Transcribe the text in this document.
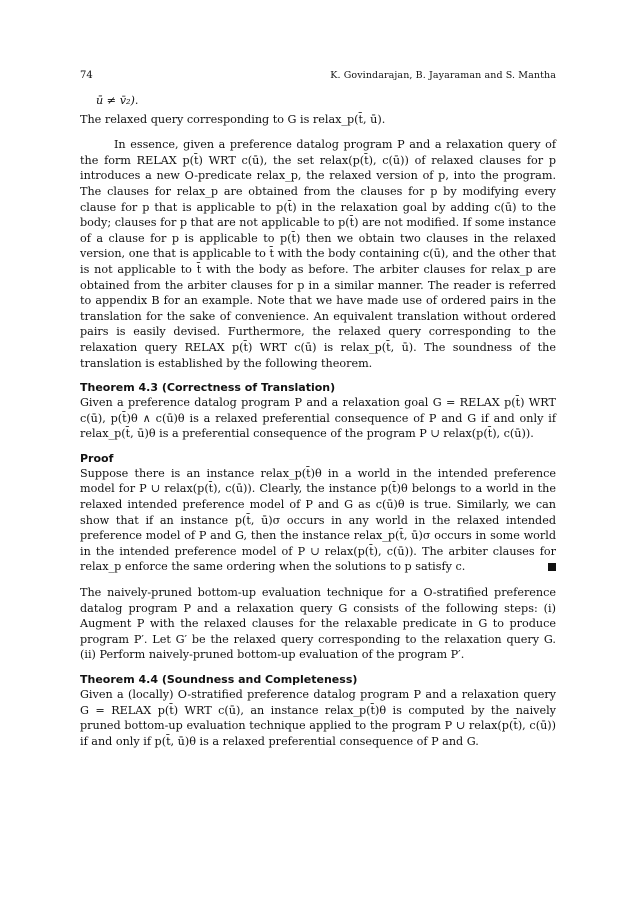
74	K. Govindarajan, B. Jayaraman and S. Mantha

ū ≠ v̄₂).

The relaxed query corresponding to G is relax_p(t̄, ū).

In essence, given a preference datalog program P and a relaxation query of the form RELAX p(t̄) WRT c(ū), the set relax(p(t̄), c(ū)) of relaxed clauses for p introduces a new O-predicate relax_p, the relaxed version of p, into the program. The clauses for relax_p are obtained from the clauses for p by modifying every clause for p that is applicable to p(t̄) in the relaxation goal by adding c(ū) to the body; clauses for p that are not applicable to p(t̄) are not modified. If some instance of a clause for p is applicable to p(t̄) then we obtain two clauses in the relaxed version, one that is applicable to t̄ with the body containing c(ū), and the other that is not applicable to t̄ with the body as before. The arbiter clauses for relax_p are obtained from the arbiter clauses for p in a similar manner. The reader is referred to appendix B for an example. Note that we have made use of ordered pairs in the translation for the sake of convenience. An equivalent translation without ordered pairs is easily devised. Furthermore, the relaxed query corresponding to the relaxation query RELAX p(t̄) WRT c(ū) is relax_p(t̄, ū). The soundness of the translation is established by the following theorem.

Theorem 4.3 (Correctness of Translation)

Given a preference datalog program P and a relaxation goal G = RELAX p(t̄) WRT c(ū), p(t̄)θ ∧ c(ū)θ is a relaxed preferential consequence of P and G if and only if relax_p(t̄, ū)θ is a preferential consequence of the program P ∪ relax(p(t̄), c(ū)).

Proof

Suppose there is an instance relax_p(t̄)θ in a world in the intended preference model for P ∪ relax(p(t̄), c(ū)). Clearly, the instance p(t̄)θ belongs to a world in the relaxed intended preference model of P and G as c(ū)θ is true. Similarly, we can show that if an instance p(t̄, ū)σ occurs in any world in the relaxed intended preference model of P and G, then the instance relax_p(t̄, ū)σ occurs in some world in the intended preference model of P ∪ relax(p(t̄), c(ū)). The arbiter clauses for relax_p enforce the same ordering when the solutions to p satisfy c.

The naively-pruned bottom-up evaluation technique for a O-stratified preference datalog program P and a relaxation query G consists of the following steps: (i) Augment P with the relaxed clauses for the relaxable predicate in G to produce program P′. Let G′ be the relaxed query corresponding to the relaxation query G. (ii) Perform naively-pruned bottom-up evaluation of the program P′.

Theorem 4.4 (Soundness and Completeness)

Given a (locally) O-stratified preference datalog program P and a relaxation query G = RELAX p(t̄) WRT c(ū), an instance relax_p(t̄)θ is computed by the naively pruned bottom-up evaluation technique applied to the program P ∪ relax(p(t̄), c(ū)) if and only if p(t̄, ū)θ is a relaxed preferential consequence of P and G.
